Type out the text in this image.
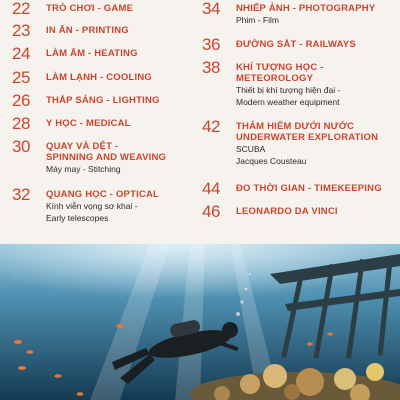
22	TRÒ CHƠI - GAME
23	IN ẤN - PRINTING
24	LÀM ẤM - HEATING
25	LÀM LẠNH - COOLING
26	THẮP SÁNG - LIGHTING
28	Y HỌC - MEDICAL
30	QUAY VÀ DỆT -
SPINNING AND WEAVING
Máy may - Stitching
32	QUANG HỌC - OPTICAL
Kính viễn vọng sơ khai -
Early telescopes
34	NHIẾP ẢNH - PHOTOGRAPHY
Phim - Film
36	ĐƯỜNG SẮT - RAILWAYS
38	KHÍ TƯỢNG HỌC -
METEOROLOGY
Thiết bị khí tượng hiện đại -
Modern weather equipment
42	THÁM HIỂM DƯỚI NƯỚC
UNDERWATER EXPLORATION
SCUBA
Jacques Cousteau
44	ĐO THỜI GIAN - TIMEKEEPING
46	LEONARDO DA VINCI
